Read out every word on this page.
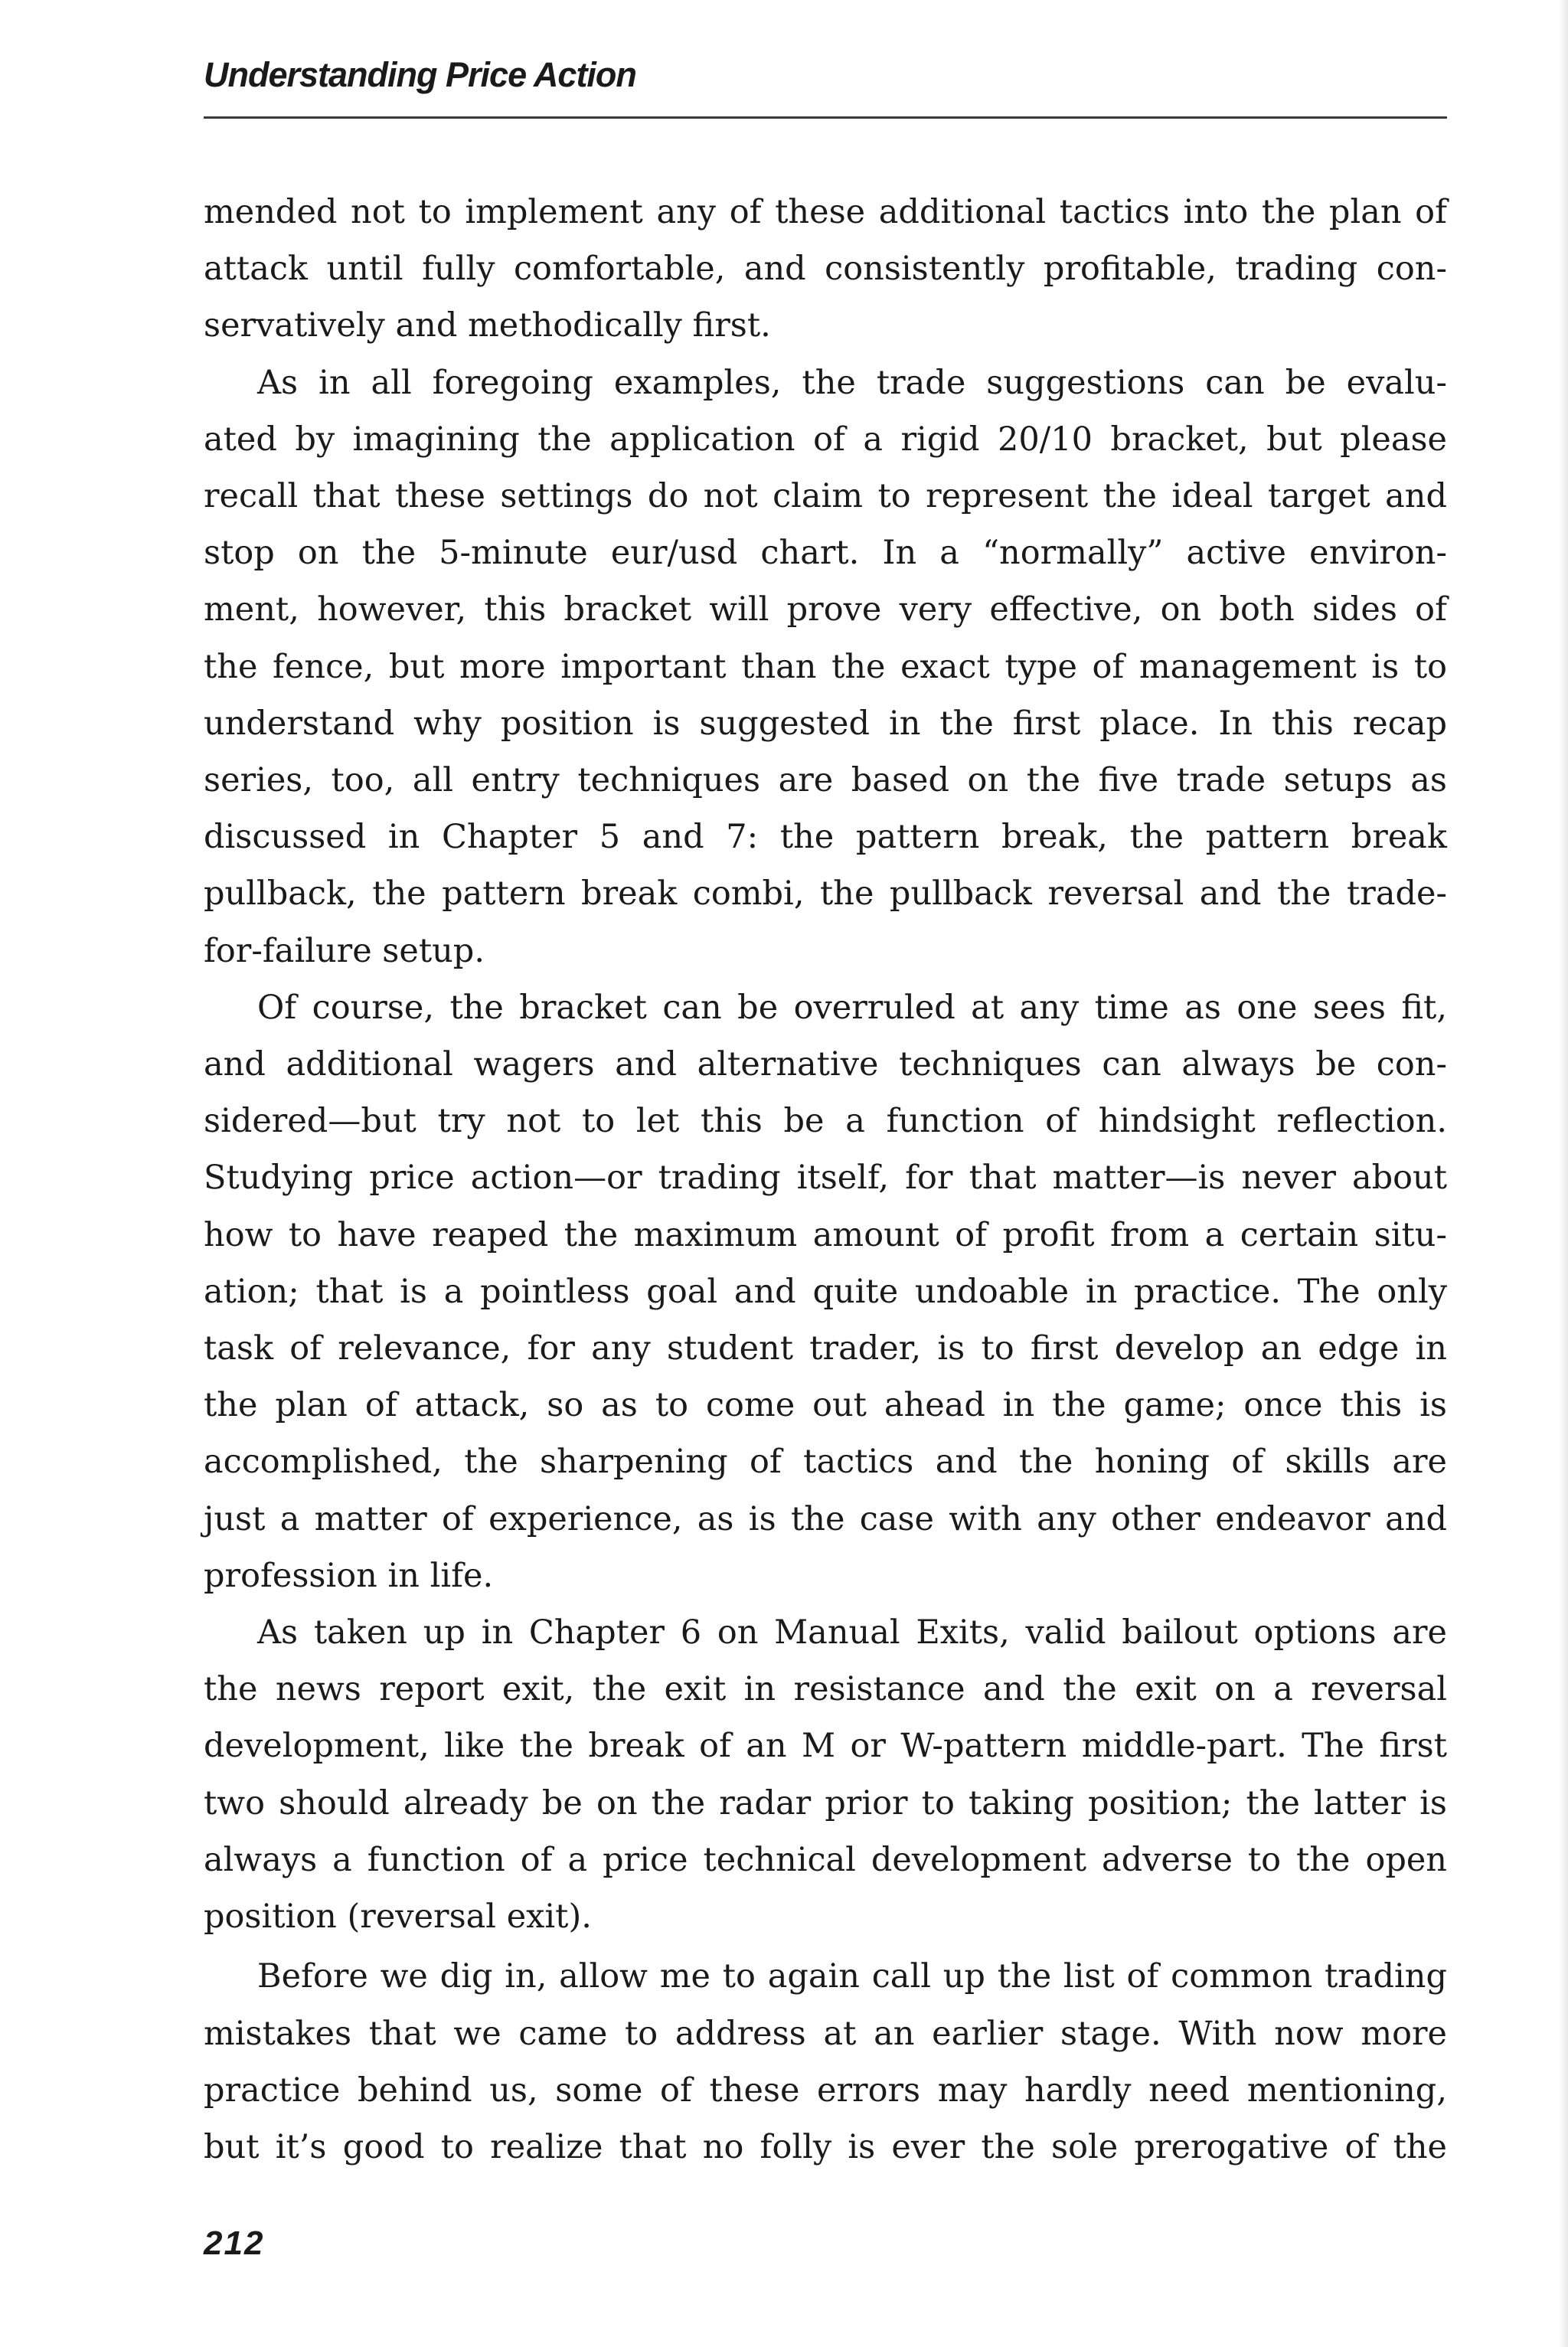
Understanding Price Action

mended not to implement any of these additional tactics into the plan of
attack until fully comfortable, and consistently profitable, trading con-
servatively and methodically first.

As in all foregoing examples, the trade suggestions can be evalu-
ated by imagining the application of a rigid 20/10 bracket, but please
recall that these settings do not claim to represent the ideal target and
stop on the 5-minute eur/usd chart. In a “normally” active environ-
ment, however, this bracket will prove very effective, on both sides of
the fence, but more important than the exact type of management is to
understand why position is suggested in the first place. In this recap
series, too, all entry techniques are based on the five trade setups as
discussed in Chapter 5 and 7: the pattern break, the pattern break
pullback, the pattern break combi, the pullback reversal and the trade-
for-failure setup.

Of course, the bracket can be overruled at any time as one sees fit,
and additional wagers and alternative techniques can always be con-
sidered—but try not to let this be a function of hindsight reflection.
Studying price action—or trading itself, for that matter—is never about
how to have reaped the maximum amount of profit from a certain situ-
ation; that is a pointless goal and quite undoable in practice. The only
task of relevance, for any student trader, is to first develop an edge in
the plan of attack, so as to come out ahead in the game; once this is
accomplished, the sharpening of tactics and the honing of skills are
just a matter of experience, as is the case with any other endeavor and
profession in life.

As taken up in Chapter 6 on Manual Exits, valid bailout options are
the news report exit, the exit in resistance and the exit on a reversal
development, like the break of an M or W-pattern middle-part. The first
two should already be on the radar prior to taking position; the latter is
always a function of a price technical development adverse to the open
position (reversal exit).

Before we dig in, allow me to again call up the list of common trading
mistakes that we came to address at an earlier stage. With now more
practice behind us, some of these errors may hardly need mentioning,
but it’s good to realize that no folly is ever the sole prerogative of the

212
